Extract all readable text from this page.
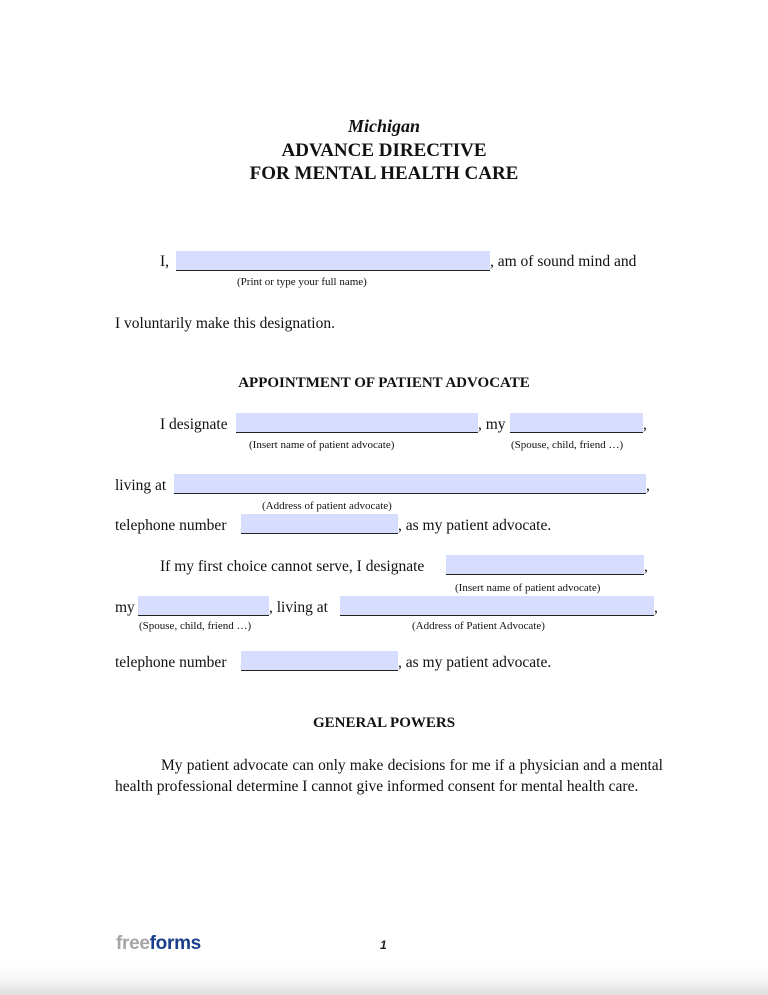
Michigan
ADVANCE DIRECTIVE
FOR MENTAL HEALTH CARE
I,	, am of sound mind and
(Print or type your full name)
I voluntarily make this designation.
APPOINTMENT OF PATIENT ADVOCATE
I designate	, my	,
(Insert name of patient advocate)	(Spouse, child, friend …)
living at	,
(Address of patient advocate)
telephone number	, as my patient advocate.
If my first choice cannot serve, I designate	,
(Insert name of patient advocate)
my	, living at	,
(Spouse, child, friend …)	(Address of Patient Advocate)
telephone number	, as my patient advocate.
GENERAL POWERS
My patient advocate can only make decisions for me if a physician and a mental health professional determine I cannot give informed consent for mental health care.
freeforms	1
